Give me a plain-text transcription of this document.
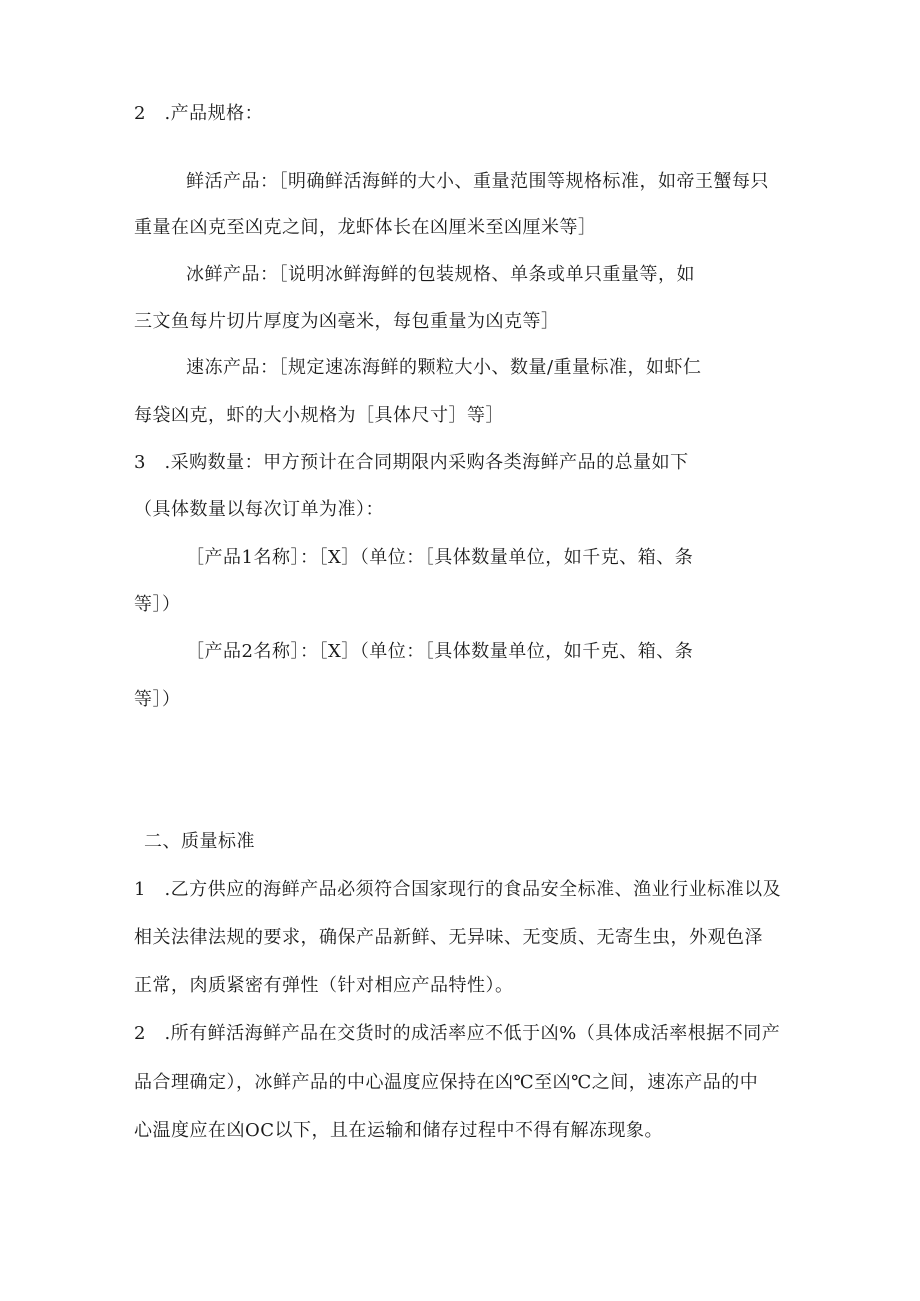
2　.产品规格：
鲜活产品：［明确鲜活海鲜的大小、重量范围等规格标准，如帝王蟹每只
重量在凶克至凶克之间，龙虾体长在凶厘米至凶厘米等］
冰鲜产品：［说明冰鲜海鲜的包装规格、单条或单只重量等，如
三文鱼每片切片厚度为凶毫米，每包重量为凶克等］
速冻产品：［规定速冻海鲜的颗粒大小、数量/重量标准，如虾仁
每袋凶克，虾的大小规格为［具体尺寸］等］
3　.采购数量：甲方预计在合同期限内采购各类海鲜产品的总量如下
（具体数量以每次订单为准）：
［产品1名称］：［X］（单位：［具体数量单位，如千克、箱、条
等］）
［产品2名称］：［X］（单位：［具体数量单位，如千克、箱、条
等］）
二、质量标准
1　.乙方供应的海鲜产品必须符合国家现行的食品安全标准、渔业行业标准以及
相关法律法规的要求，确保产品新鲜、无异味、无变质、无寄生虫，外观色泽
正常，肉质紧密有弹性（针对相应产品特性）。
2　.所有鲜活海鲜产品在交货时的成活率应不低于凶%（具体成活率根据不同产
品合理确定），冰鲜产品的中心温度应保持在凶℃至凶℃之间，速冻产品的中
心温度应在凶OC以下，且在运输和储存过程中不得有解冻现象。
